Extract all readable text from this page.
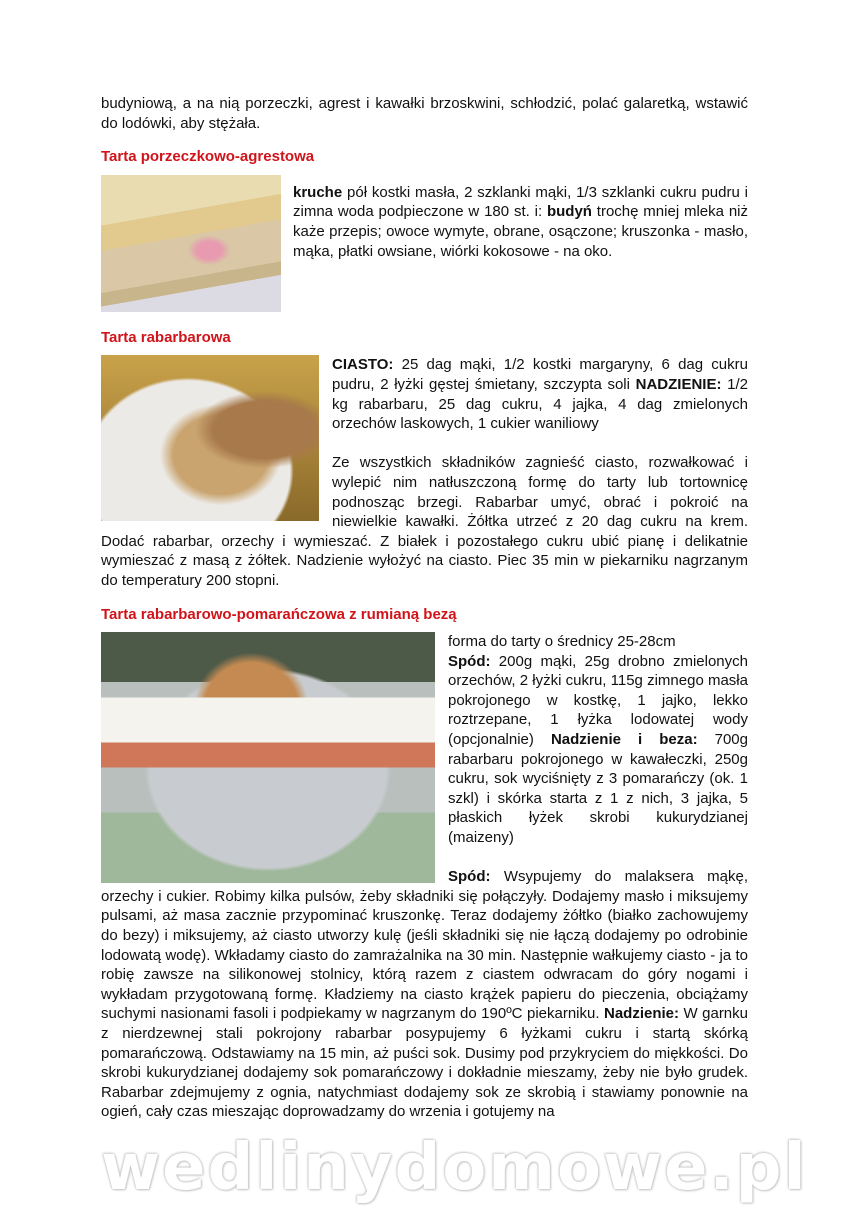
budyniową, a na nią porzeczki, agrest i kawałki brzoskwini, schłodzić, polać galaretką, wstawić do lodówki, aby stężała.

Tarta porzeczkowo-agrestowa

kruche pół kostki masła, 2 szklanki mąki, 1/3 szklanki cukru pudru i zimna woda podpieczone w 180 st. i: budyń trochę mniej mleka niż każe przepis; owoce wymyte, obrane, osączone; kruszonka - masło, mąka, płatki owsiane, wiórki kokosowe - na oko.

Tarta rabarbarowa

CIASTO: 25 dag mąki, 1/2 kostki margaryny, 6 dag cukru pudru, 2 łyżki gęstej śmietany, szczypta soli NADZIENIE: 1/2 kg rabarbaru, 25 dag cukru, 4 jajka, 4 dag zmielonych orzechów laskowych, 1 cukier waniliowy

Ze wszystkich składników zagnieść ciasto, rozwałkować i wylepić nim natłuszczoną formę do tarty lub tortownicę podnosząc brzegi. Rabarbar umyć, obrać i pokroić na niewielkie kawałki. Żółtka utrzeć z 20 dag cukru na krem. Dodać rabarbar, orzechy i wymieszać. Z białek i pozostałego cukru ubić pianę i delikatnie wymieszać z masą z żółtek. Nadzienie wyłożyć na ciasto. Piec 35 min w piekarniku nagrzanym do temperatury 200 stopni.

Tarta rabarbarowo-pomarańczowa z rumianą bezą

forma do tarty o średnicy 25-28cm

Spód: 200g mąki, 25g drobno zmielonych orzechów, 2 łyżki cukru, 115g zimnego masła pokrojonego w kostkę, 1 jajko, lekko roztrzepane, 1 łyżka lodowatej wody (opcjonalnie) Nadzienie i beza: 700g rabarbaru pokrojonego w kawałeczki, 250g cukru, sok wyciśnięty z 3 pomarańczy (ok. 1 szkl) i skórka starta z 1 z nich, 3 jajka, 5 płaskich łyżek skrobi kukurydzianej (maizeny)

Spód: Wsypujemy do malaksera mąkę, orzechy i cukier. Robimy kilka pulsów, żeby składniki się połączyły. Dodajemy masło i miksujemy pulsami, aż masa zacznie przypominać kruszonkę. Teraz dodajemy żółtko (białko zachowujemy do bezy) i miksujemy, aż ciasto utworzy kulę (jeśli składniki się nie łączą dodajemy po odrobinie lodowatą wodę). Wkładamy ciasto do zamrażalnika na 30 min. Następnie wałkujemy ciasto - ja to robię zawsze na silikonowej stolnicy, którą razem z ciastem odwracam do góry nogami i wykładam przygotowaną formę. Kładziemy na ciasto krążek papieru do pieczenia, obciążamy suchymi nasionami fasoli i podpiekamy w nagrzanym do 190ºC piekarniku. Nadzienie: W garnku z nierdzewnej stali pokrojony rabarbar posypujemy 6 łyżkami cukru i startą skórką pomarańczową. Odstawiamy na 15 min, aż puści sok. Dusimy pod przykryciem do miękkości. Do skrobi kukurydzianej dodajemy sok pomarańczowy i dokładnie mieszamy, żeby nie było grudek. Rabarbar zdejmujemy z ognia, natychmiast dodajemy sok ze skrobią i stawiamy ponownie na ogień, cały czas mieszając doprowadzamy do wrzenia i gotujemy na

wedlinydomowe.pl
